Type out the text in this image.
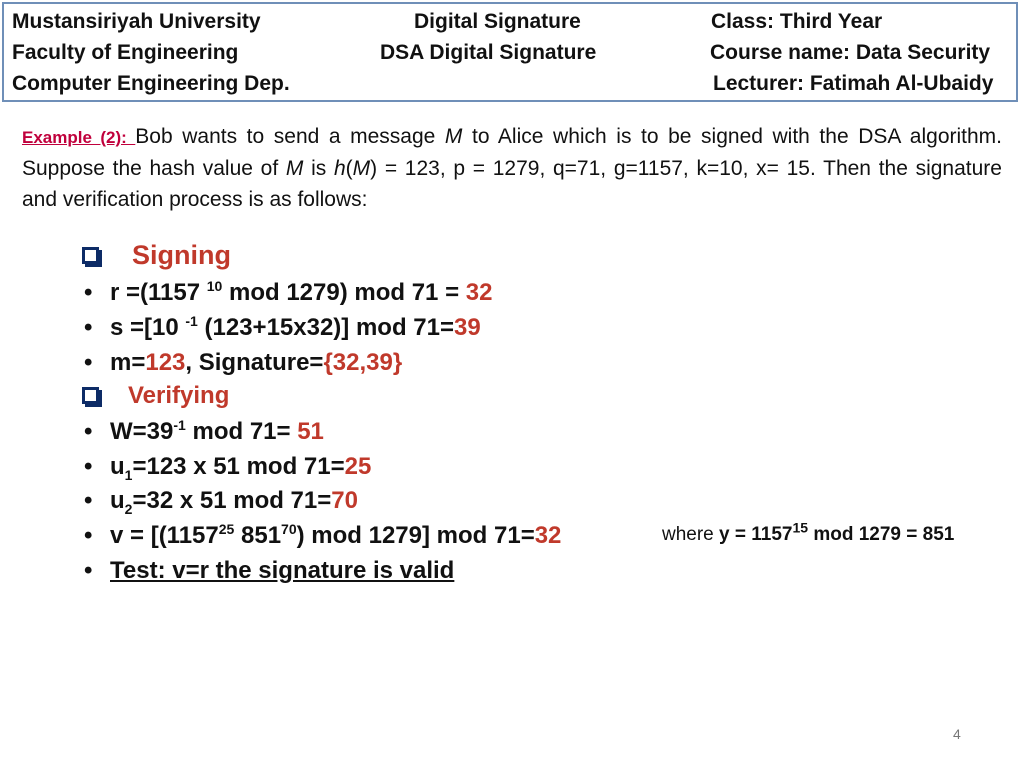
Mustansiriyah University
Faculty of Engineering
Computer Engineering Dep.
Digital Signature
DSA Digital Signature
Class: Third Year
Course name: Data Security
Lecturer: Fatimah Al-Ubaidy
Example (2): Bob wants to send a message M to Alice which is to be signed with the DSA algorithm. Suppose the hash value of M is h(M) = 123, p = 1279, q=71, g=1157, k=10, x= 15. Then the signature and verification process is as follows:
Signing
• r =(1157 $^{10}$ mod 1279) mod 71 = 32
• s =[10 $^{-1}$ (123+15x32)] mod 71=39
• m=123, Signature={32,39}
Verifying
• $W=39^{-1}$ mod 71= 51
• $u_1=123$ x 51 mod 71=25
• $u_2=32$ x 51 mod 71=70
• $v = [(1157^{25}$ $851^{70}$) mod 1279] mod 71=32
• Test: v=r the signature is valid
where $y = 1157^{15}$ mod 1279 = 851
4
